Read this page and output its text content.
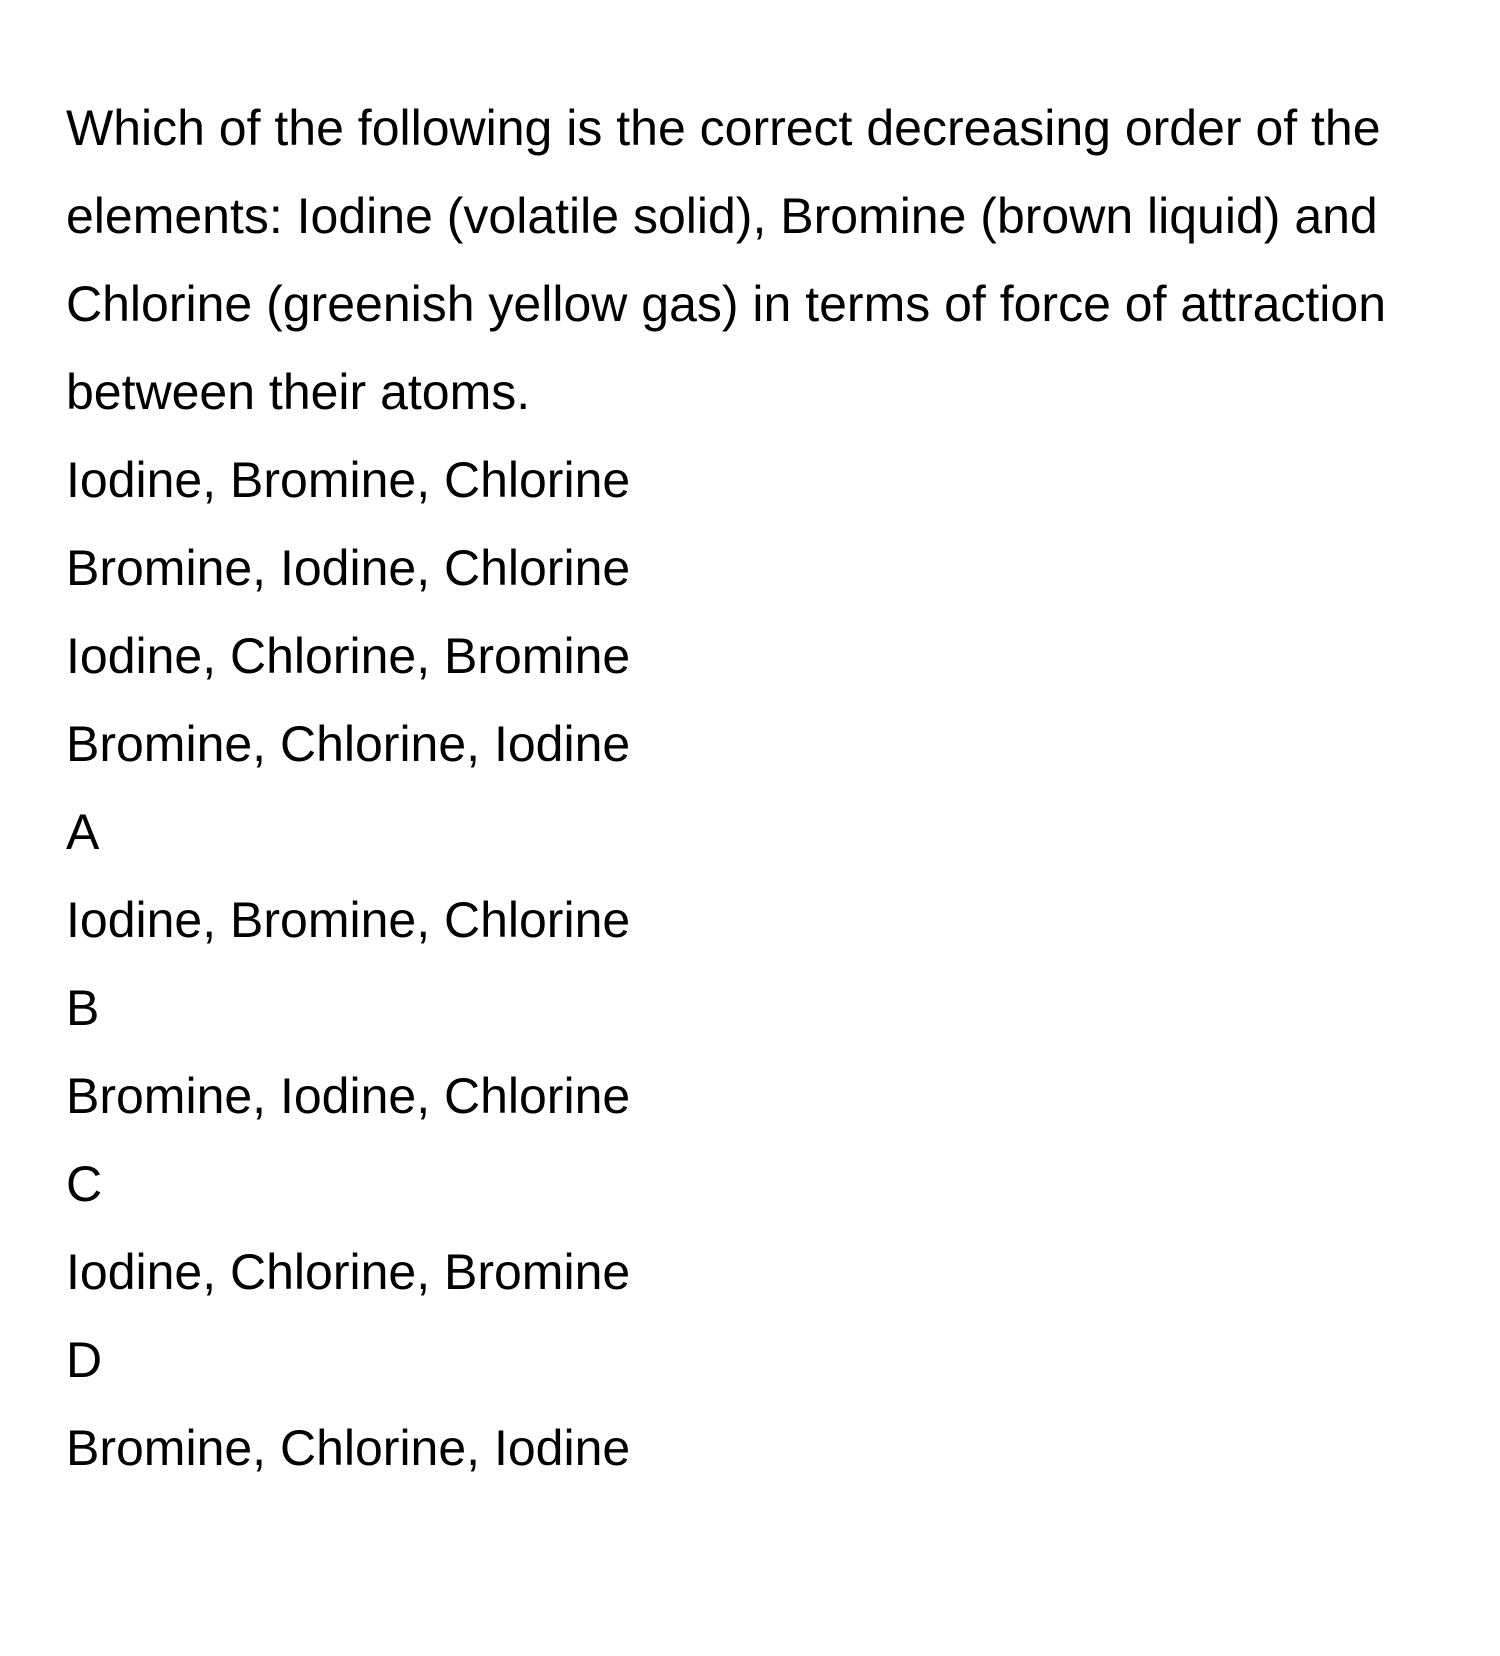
Which of the following is the correct decreasing order of the elements: Iodine (volatile solid), Bromine (brown liquid) and Chlorine (greenish yellow gas) in terms of force of attraction between their atoms.

Iodine, Bromine, Chlorine

Bromine, Iodine, Chlorine

Iodine, Chlorine, Bromine

Bromine, Chlorine, Iodine

A

Iodine, Bromine, Chlorine

B

Bromine, Iodine, Chlorine

C

Iodine, Chlorine, Bromine

D

Bromine, Chlorine, Iodine
